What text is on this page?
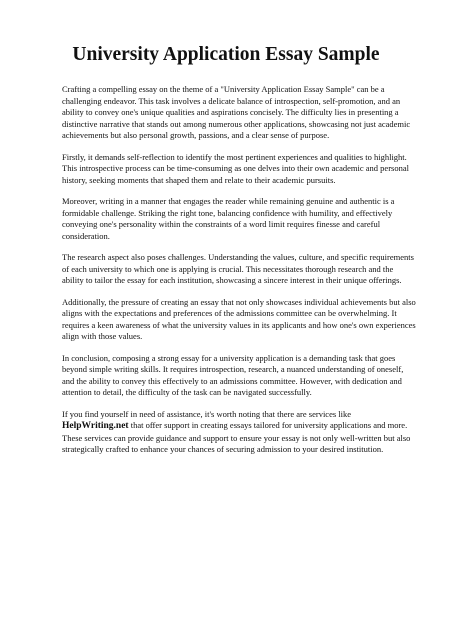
University Application Essay Sample

Crafting a compelling essay on the theme of a "University Application Essay Sample" can be a challenging endeavor. This task involves a delicate balance of introspection, self-promotion, and an ability to convey one's unique qualities and aspirations concisely. The difficulty lies in presenting a distinctive narrative that stands out among numerous other applications, showcasing not just academic achievements but also personal growth, passions, and a clear sense of purpose.

Firstly, it demands self-reflection to identify the most pertinent experiences and qualities to highlight. This introspective process can be time-consuming as one delves into their own academic and personal history, seeking moments that shaped them and relate to their academic pursuits.

Moreover, writing in a manner that engages the reader while remaining genuine and authentic is a formidable challenge. Striking the right tone, balancing confidence with humility, and effectively conveying one's personality within the constraints of a word limit requires finesse and careful consideration.

The research aspect also poses challenges. Understanding the values, culture, and specific requirements of each university to which one is applying is crucial. This necessitates thorough research and the ability to tailor the essay for each institution, showcasing a sincere interest in their unique offerings.

Additionally, the pressure of creating an essay that not only showcases individual achievements but also aligns with the expectations and preferences of the admissions committee can be overwhelming. It requires a keen awareness of what the university values in its applicants and how one's own experiences align with those values.

In conclusion, composing a strong essay for a university application is a demanding task that goes beyond simple writing skills. It requires introspection, research, a nuanced understanding of oneself, and the ability to convey this effectively to an admissions committee. However, with dedication and attention to detail, the difficulty of the task can be navigated successfully.

If you find yourself in need of assistance, it's worth noting that there are services like
HelpWriting.net that offer support in creating essays tailored for university applications and more. These services can provide guidance and support to ensure your essay is not only well-written but also strategically crafted to enhance your chances of securing admission to your desired institution.
